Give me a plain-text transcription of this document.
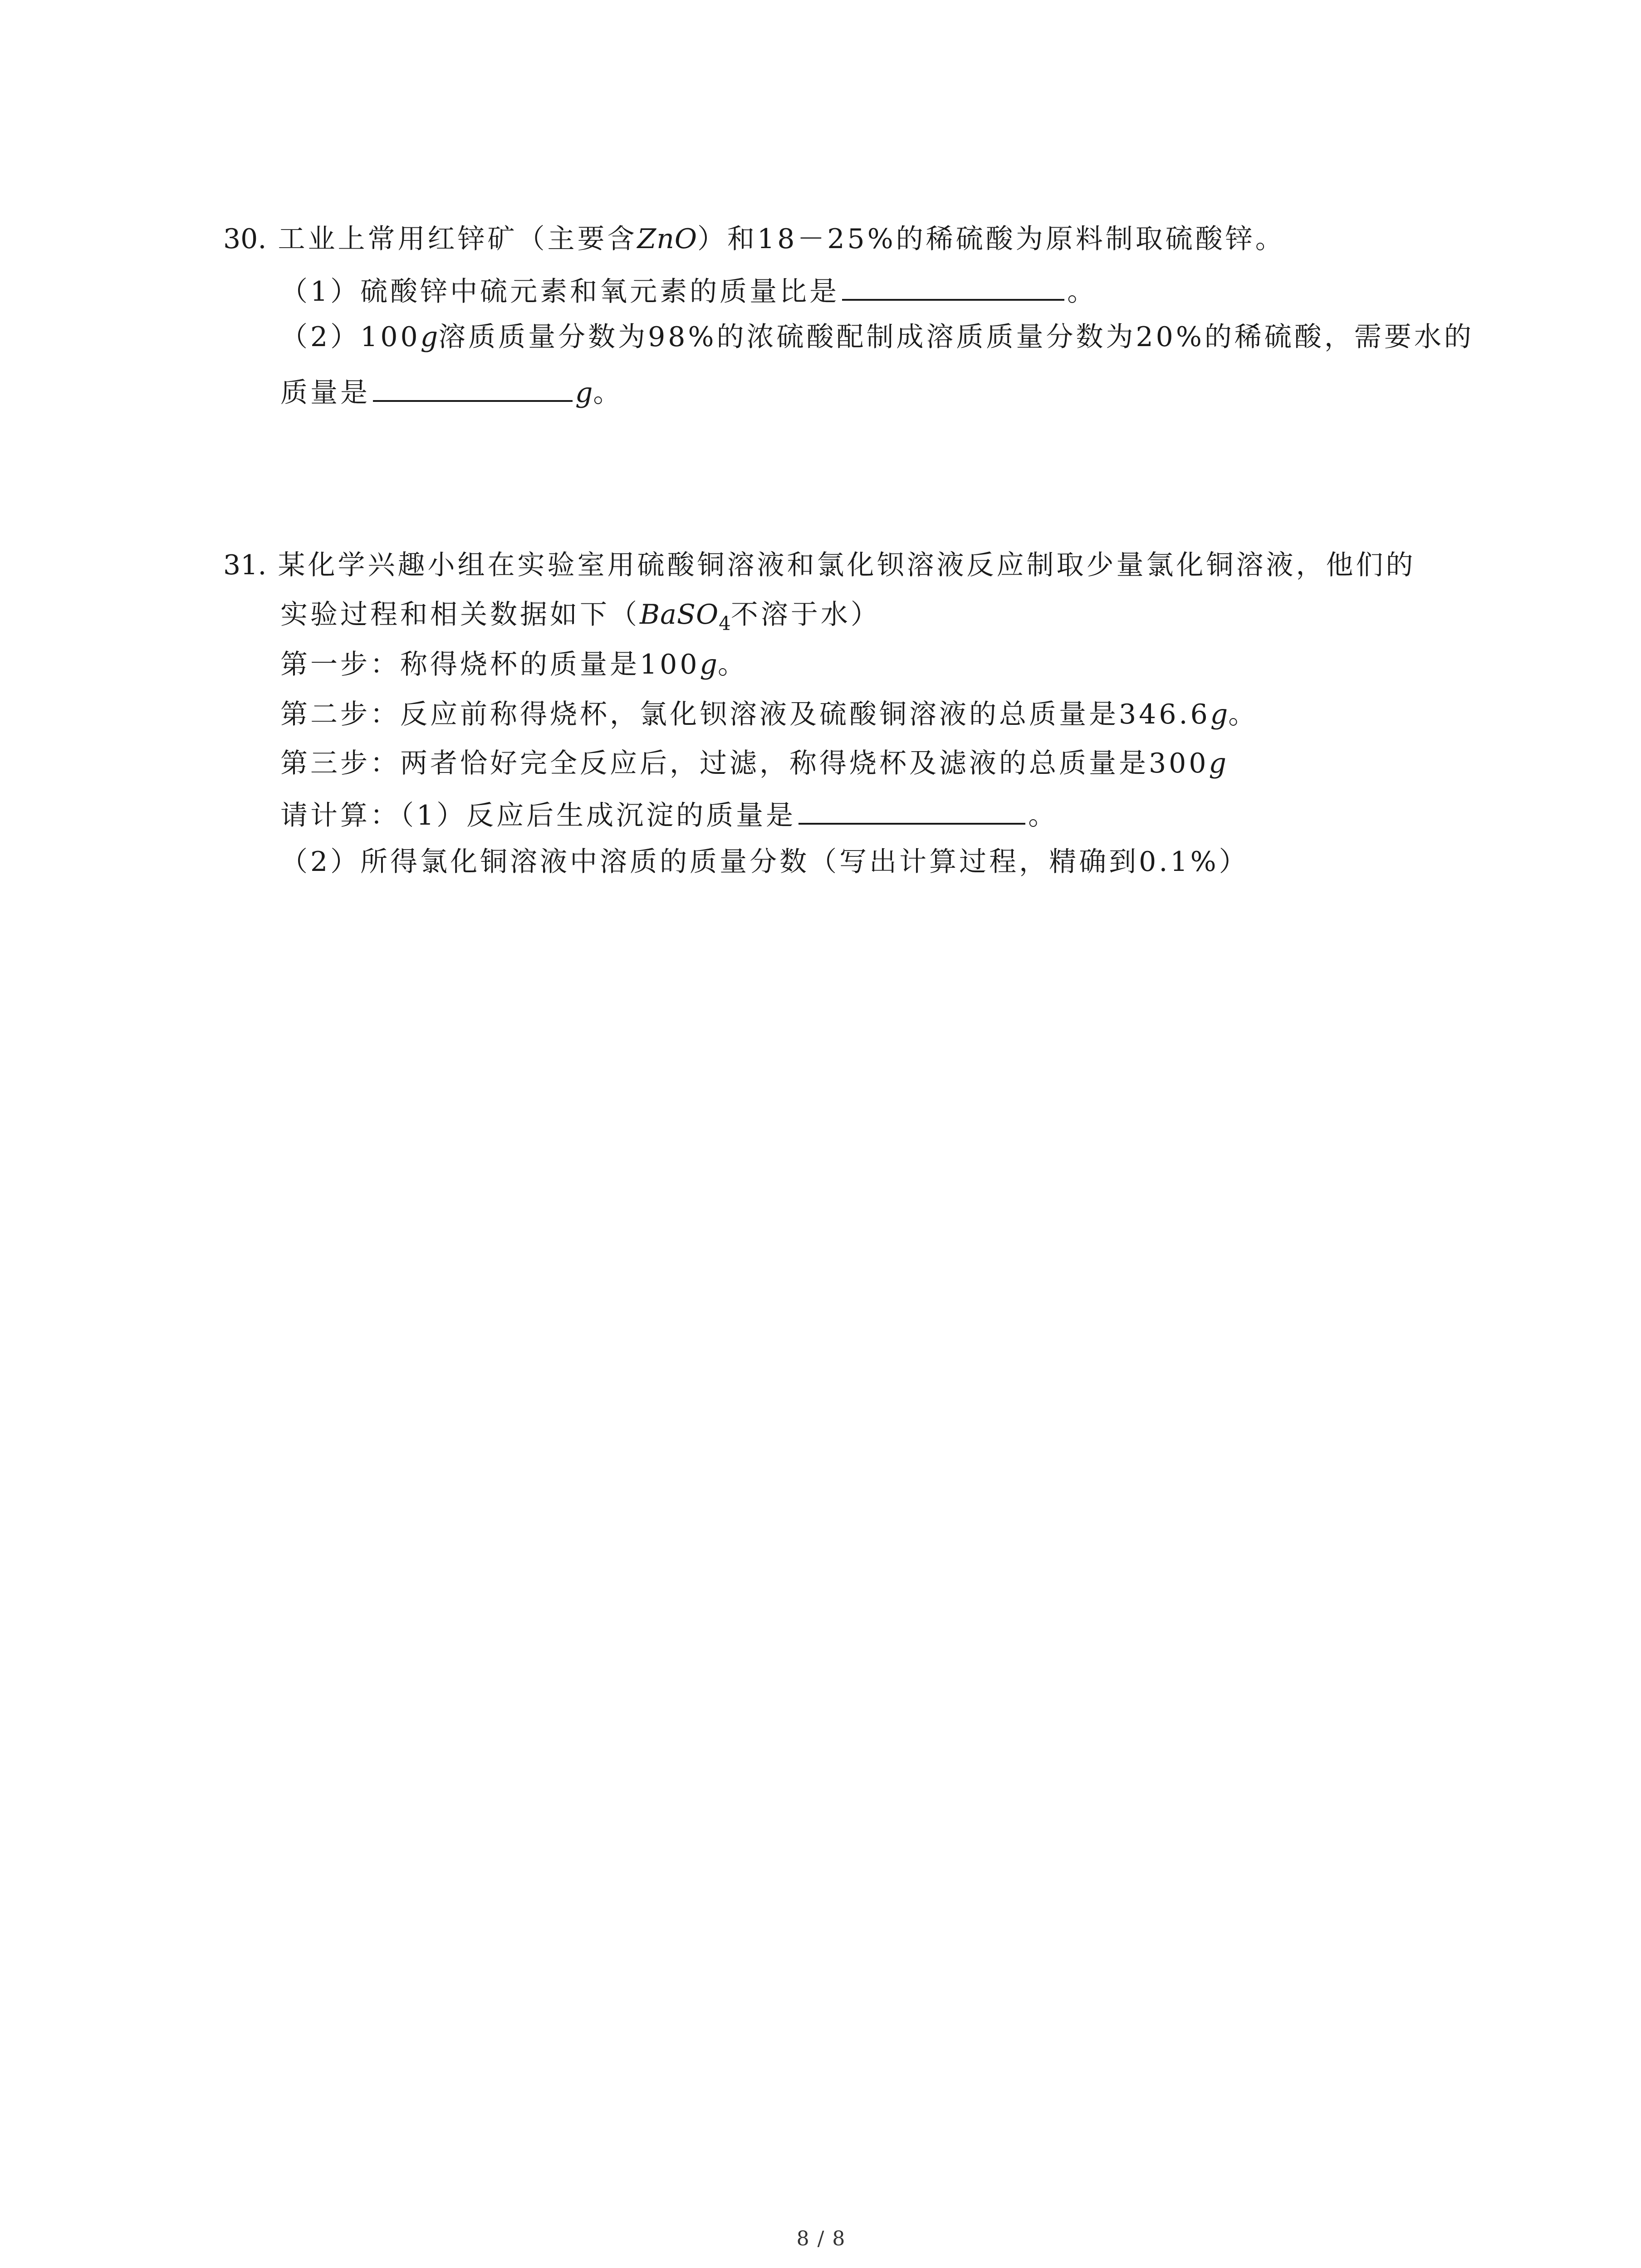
30. 工业上常用红锌矿（主要含ZnO）和18－25%的稀硫酸为原料制取硫酸锌。
（1）硫酸锌中硫元素和氧元素的质量比是	。
（2）100g溶质质量分数为98%的浓硫酸配制成溶质质量分数为20%的稀硫酸，需要水的
质量是	g。
31. 某化学兴趣小组在实验室用硫酸铜溶液和氯化钡溶液反应制取少量氯化铜溶液，他们的
实验过程和相关数据如下（BaSO$_4$不溶于水）
第一步：称得烧杯的质量是100g。
第二步：反应前称得烧杯，氯化钡溶液及硫酸铜溶液的总质量是346.6g。
第三步：两者恰好完全反应后，过滤，称得烧杯及滤液的总质量是300g
请计算：（1）反应后生成沉淀的质量是	。
（2）所得氯化铜溶液中溶质的质量分数（写出计算过程，精确到0.1%）
8 / 8
